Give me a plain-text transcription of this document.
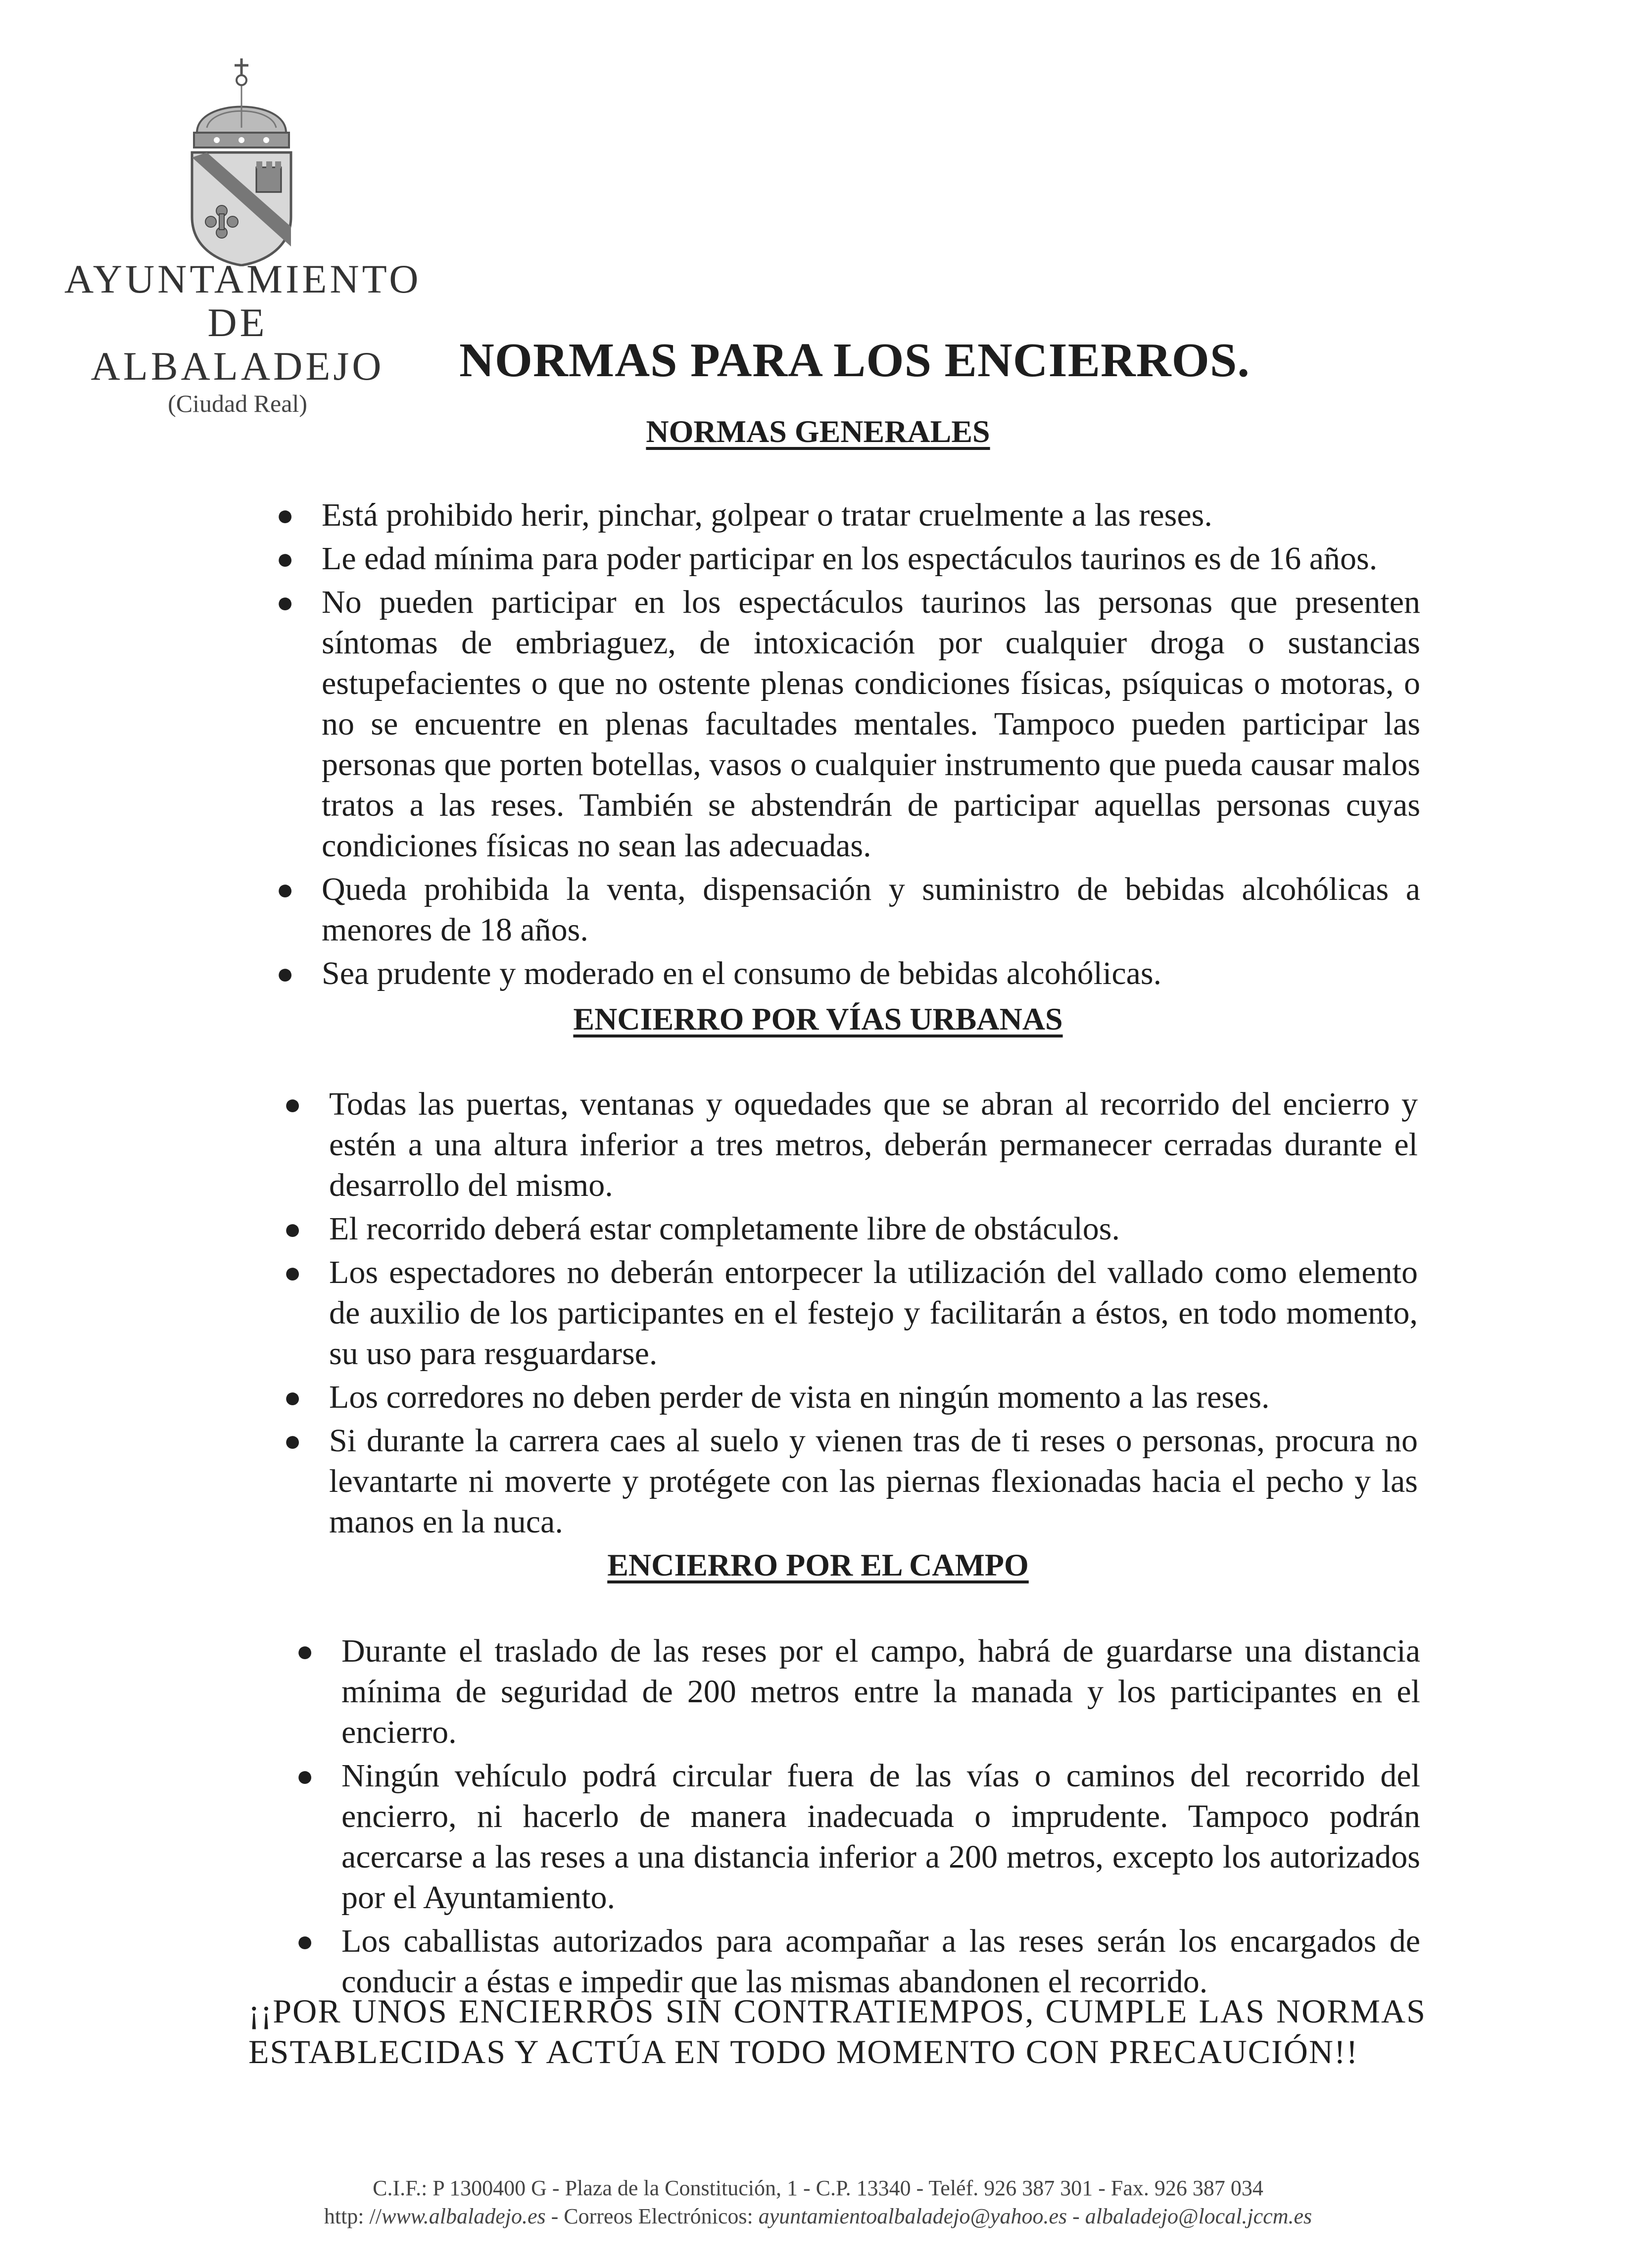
AYUNTAMIENTO
DE
ALBALADEJO
(Ciudad Real)
NORMAS PARA LOS ENCIERROS.
NORMAS GENERALES
● Está prohibido herir, pinchar, golpear o tratar cruelmente a las reses.
● Le edad mínima para poder participar en los espectáculos taurinos es de 16 años.
● No pueden participar en los espectáculos taurinos las personas que presenten síntomas de embriaguez, de intoxicación por cualquier droga o sustancias estupefacientes o que no ostente plenas condiciones físicas, psíquicas o motoras, o no se encuentre en plenas facultades mentales. Tampoco pueden participar las personas que porten botellas, vasos o cualquier instrumento que pueda causar malos tratos a las reses. También se abstendrán de participar aquellas personas cuyas condiciones físicas no sean las adecuadas.
● Queda prohibida la venta, dispensación y suministro de bebidas alcohólicas a menores de 18 años.
● Sea prudente y moderado en el consumo de bebidas alcohólicas.
ENCIERRO POR VÍAS URBANAS
● Todas las puertas, ventanas y oquedades que se abran al recorrido del encierro y estén a una altura inferior a tres metros, deberán permanecer cerradas durante el desarrollo del mismo.
● El recorrido deberá estar completamente libre de obstáculos.
● Los espectadores no deberán entorpecer la utilización del vallado como elemento de auxilio de los participantes en el festejo y facilitarán a éstos, en todo momento, su uso para resguardarse.
● Los corredores no deben perder de vista en ningún momento a las reses.
● Si durante la carrera caes al suelo y vienen tras de ti reses o personas, procura no levantarte ni moverte y protégete con las piernas flexionadas hacia el pecho y las manos en la nuca.
ENCIERRO POR EL CAMPO
● Durante el traslado de las reses por el campo, habrá de guardarse una distancia mínima de seguridad de 200 metros entre la manada y los participantes en el encierro.
● Ningún vehículo podrá circular fuera de las vías o caminos del recorrido del encierro, ni hacerlo de manera inadecuada o imprudente. Tampoco podrán acercarse a las reses a una distancia inferior a 200 metros, excepto los autorizados por el Ayuntamiento.
● Los caballistas autorizados para acompañar a las reses serán los encargados de conducir a éstas e impedir que las mismas abandonen el recorrido.
¡¡POR UNOS ENCIERROS SIN CONTRATIEMPOS, CUMPLE LAS NORMAS ESTABLECIDAS Y ACTÚA EN TODO MOMENTO CON PRECAUCIÓN!!
C.I.F.: P 1300400 G - Plaza de la Constitución, 1 - C.P. 13340 - Teléf. 926 387 301 - Fax. 926 387 034
http: //www.albaladejo.es - Correos Electrónicos: ayuntamientoalbaladejo@yahoo.es - albaladejo@local.jccm.es
